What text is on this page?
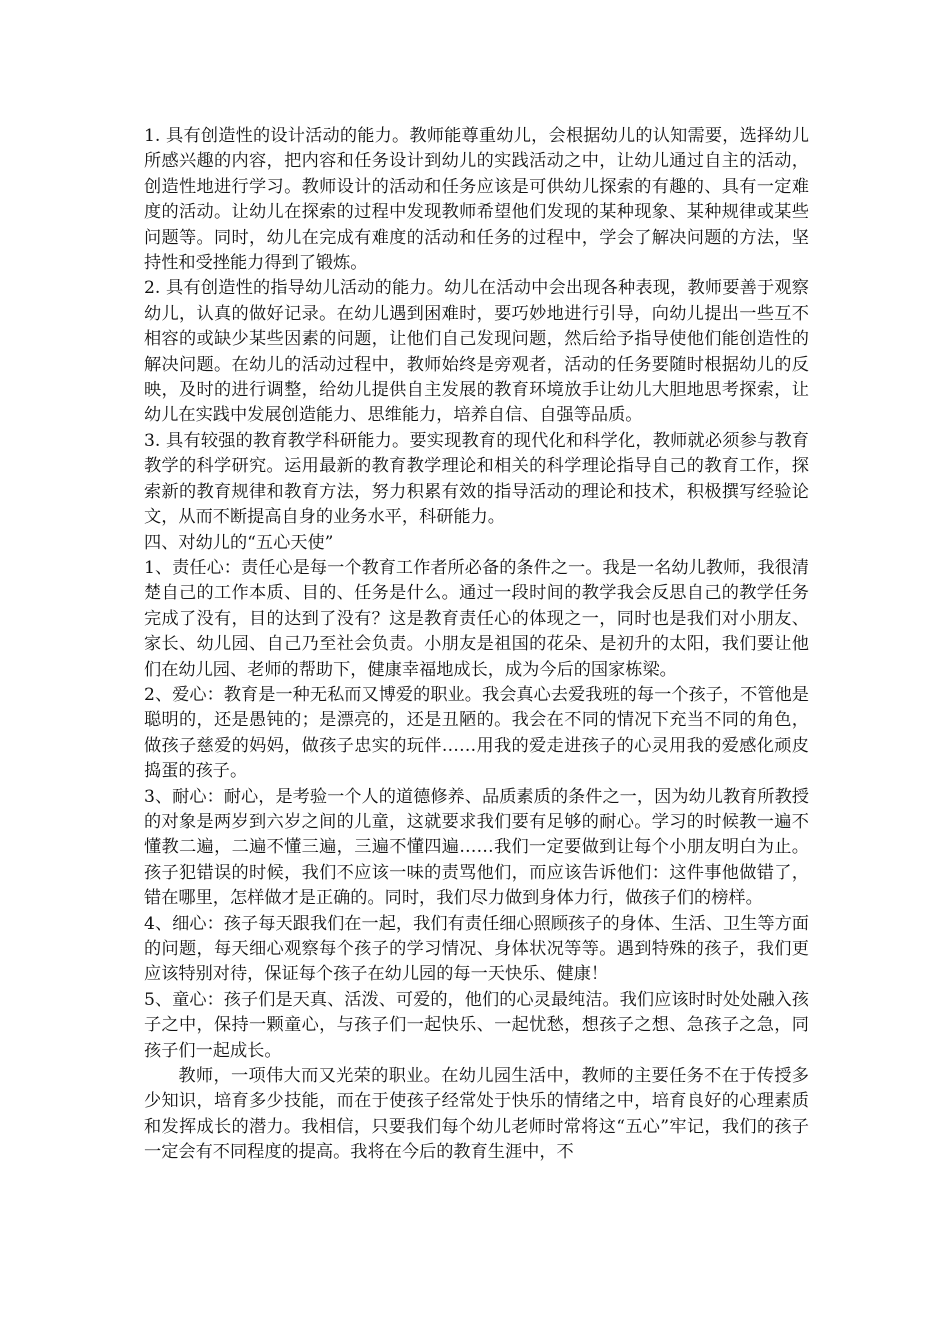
1. 具有创造性的设计活动的能力。教师能尊重幼儿，会根据幼儿的认知需要，选择幼儿所感兴趣的内容，把内容和任务设计到幼儿的实践活动之中，让幼儿通过自主的活动，创造性地进行学习。教师设计的活动和任务应该是可供幼儿探索的有趣的、具有一定难度的活动。让幼儿在探索的过程中发现教师希望他们发现的某种现象、某种规律或某些问题等。同时，幼儿在完成有难度的活动和任务的过程中，学会了解决问题的方法，坚持性和受挫能力得到了锻炼。

2. 具有创造性的指导幼儿活动的能力。幼儿在活动中会出现各种表现，教师要善于观察幼儿，认真的做好记录。在幼儿遇到困难时，要巧妙地进行引导，向幼儿提出一些互不相容的或缺少某些因素的问题，让他们自己发现问题，然后给予指导使他们能创造性的解决问题。在幼儿的活动过程中，教师始终是旁观者，活动的任务要随时根据幼儿的反映，及时的进行调整，给幼儿提供自主发展的教育环境放手让幼儿大胆地思考探索，让幼儿在实践中发展创造能力、思维能力，培养自信、自强等品质。

3. 具有较强的教育教学科研能力。要实现教育的现代化和科学化，教师就必须参与教育教学的科学研究。运用最新的教育教学理论和相关的科学理论指导自己的教育工作，探索新的教育规律和教育方法，努力积累有效的指导活动的理论和技术，积极撰写经验论文，从而不断提高自身的业务水平，科研能力。

四、对幼儿的“五心天使”

1、责任心：责任心是每一个教育工作者所必备的条件之一。我是一名幼儿教师，我很清楚自己的工作本质、目的、任务是什么。通过一段时间的教学我会反思自己的教学任务完成了没有，目的达到了没有？这是教育责任心的体现之一，同时也是我们对小朋友、家长、幼儿园、自己乃至社会负责。小朋友是祖国的花朵、是初升的太阳，我们要让他们在幼儿园、老师的帮助下，健康幸福地成长，成为今后的国家栋梁。

2、爱心：教育是一种无私而又博爱的职业。我会真心去爱我班的每一个孩子，不管他是聪明的，还是愚钝的；是漂亮的，还是丑陋的。我会在不同的情况下充当不同的角色，做孩子慈爱的妈妈，做孩子忠实的玩伴……用我的爱走进孩子的心灵用我的爱感化顽皮捣蛋的孩子。

3、耐心：耐心，是考验一个人的道德修养、品质素质的条件之一，因为幼儿教育所教授的对象是两岁到六岁之间的儿童，这就要求我们要有足够的耐心。学习的时候教一遍不懂教二遍，二遍不懂三遍，三遍不懂四遍……我们一定要做到让每个小朋友明白为止。孩子犯错误的时候，我们不应该一味的责骂他们，而应该告诉他们：这件事他做错了，错在哪里，怎样做才是正确的。同时，我们尽力做到身体力行，做孩子们的榜样。

4、细心：孩子每天跟我们在一起，我们有责任细心照顾孩子的身体、生活、卫生等方面的问题，每天细心观察每个孩子的学习情况、身体状况等等。遇到特殊的孩子，我们更应该特别对待，保证每个孩子在幼儿园的每一天快乐、健康！

5、童心：孩子们是天真、活泼、可爱的，他们的心灵最纯洁。我们应该时时处处融入孩子之中，保持一颗童心，与孩子们一起快乐、一起忧愁，想孩子之想、急孩子之急，同孩子们一起成长。

教师，一项伟大而又光荣的职业。在幼儿园生活中，教师的主要任务不在于传授多少知识，培育多少技能，而在于使孩子经常处于快乐的情绪之中，培育良好的心理素质和发挥成长的潜力。我相信，只要我们每个幼儿老师时常将这“五心”牢记，我们的孩子一定会有不同程度的提高。我将在今后的教育生涯中，不
